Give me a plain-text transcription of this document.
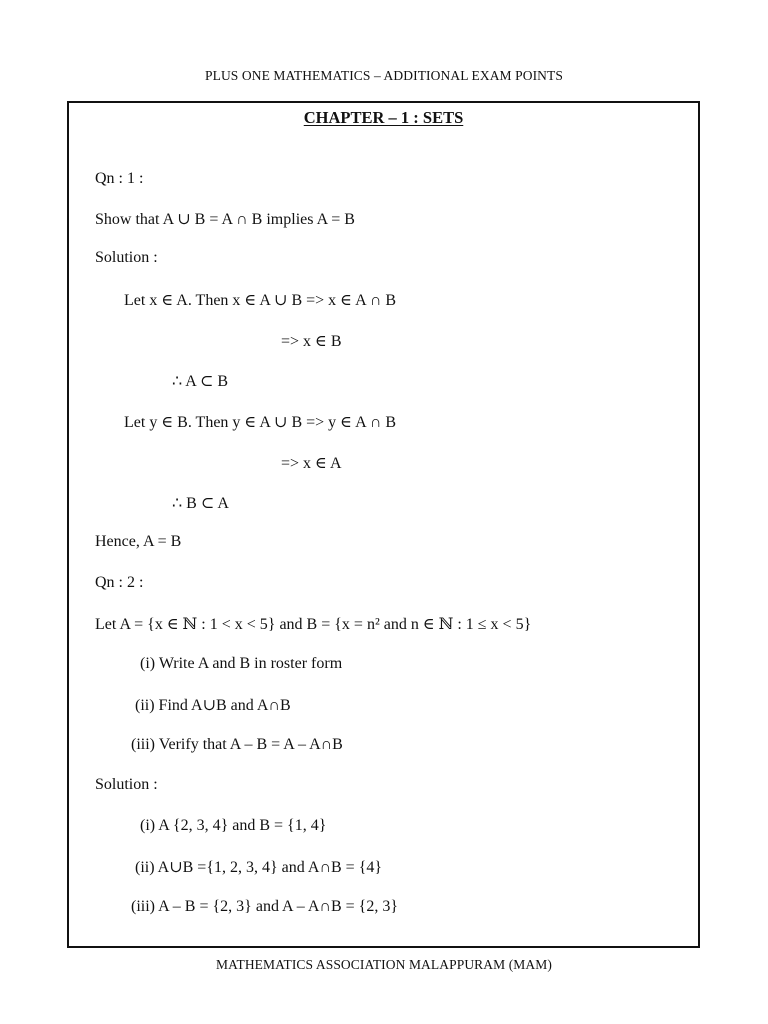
PLUS ONE MATHEMATICS – ADDITIONAL EXAM POINTS
CHAPTER – 1 : SETS
Qn : 1 :
Show that A ∪ B = A ∩ B implies A = B
Solution :
Let x ∈ A. Then x ∈ A ∪ B => x ∈ A ∩ B
=> x ∈ B
∴ A ⊂ B
Let y ∈ B. Then y ∈ A ∪ B => y ∈ A ∩ B
=> x ∈ A
∴ B ⊂ A
Hence, A = B
Qn : 2 :
Let A = {x ∈ ℕ : 1 < x < 5} and B = {x = n² and n ∈ ℕ : 1 ≤ x < 5}
(i) Write A and B in roster form
(ii) Find A∪B and A∩B
(iii) Verify that A – B = A – A∩B
Solution :
(i) A {2, 3, 4} and B = {1, 4}
(ii) A∪B ={1, 2, 3, 4} and A∩B = {4}
(iii) A – B = {2, 3} and A – A∩B = {2, 3}
MATHEMATICS ASSOCIATION MALAPPURAM (MAM)
